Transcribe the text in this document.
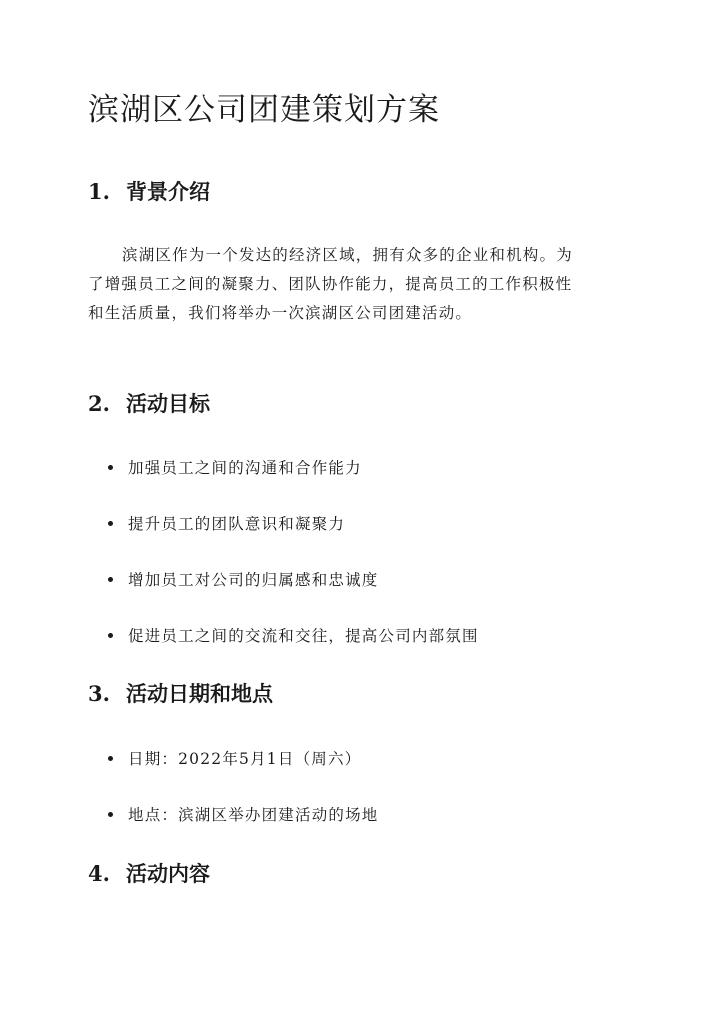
滨湖区公司团建策划方案
1. 背景介绍
滨湖区作为一个发达的经济区域，拥有众多的企业和机构。为
了增强员工之间的凝聚力、团队协作能力，提高员工的工作积极性
和生活质量，我们将举办一次滨湖区公司团建活动。
2. 活动目标
加强员工之间的沟通和合作能力
提升员工的团队意识和凝聚力
增加员工对公司的归属感和忠诚度
促进员工之间的交流和交往，提高公司内部氛围
3. 活动日期和地点
日期：2022年5月1日（周六）
地点：滨湖区举办团建活动的场地
4. 活动内容
